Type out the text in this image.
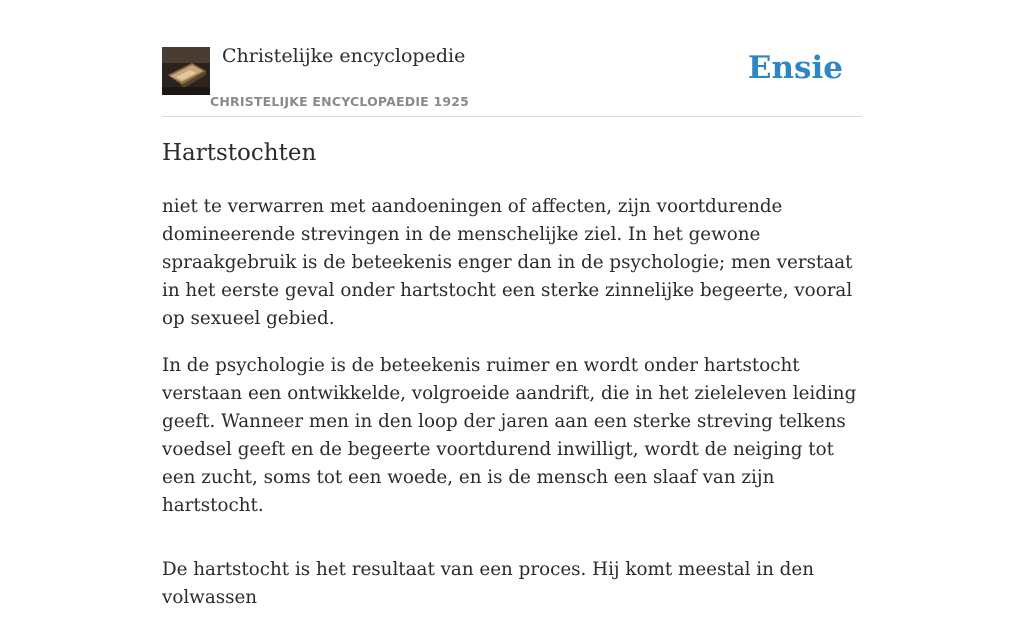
Christelijke encyclopedie
CHRISTELIJKE ENCYCLOPAEDIE 1925
Ensie
Hartstochten

niet te verwarren met aandoeningen of affecten, zijn voortdurende domineerende strevingen in de menschelijke ziel. In het gewone spraakgebruik is de beteekenis enger dan in de psychologie; men verstaat in het eerste geval onder hartstocht een sterke zinnelijke begeerte, vooral op sexueel gebied.

In de psychologie is de beteekenis ruimer en wordt onder hartstocht verstaan een ontwikkelde, volgroeide aandrift, die in het zieleleven leiding geeft. Wanneer men in den loop der jaren aan een sterke streving telkens voedsel geeft en de begeerte voortdurend inwilligt, wordt de neiging tot een zucht, soms tot een woede, en is de mensch een slaaf van zijn hartstocht.

De hartstocht is het resultaat van een proces. Hij komt meestal in den volwassen
